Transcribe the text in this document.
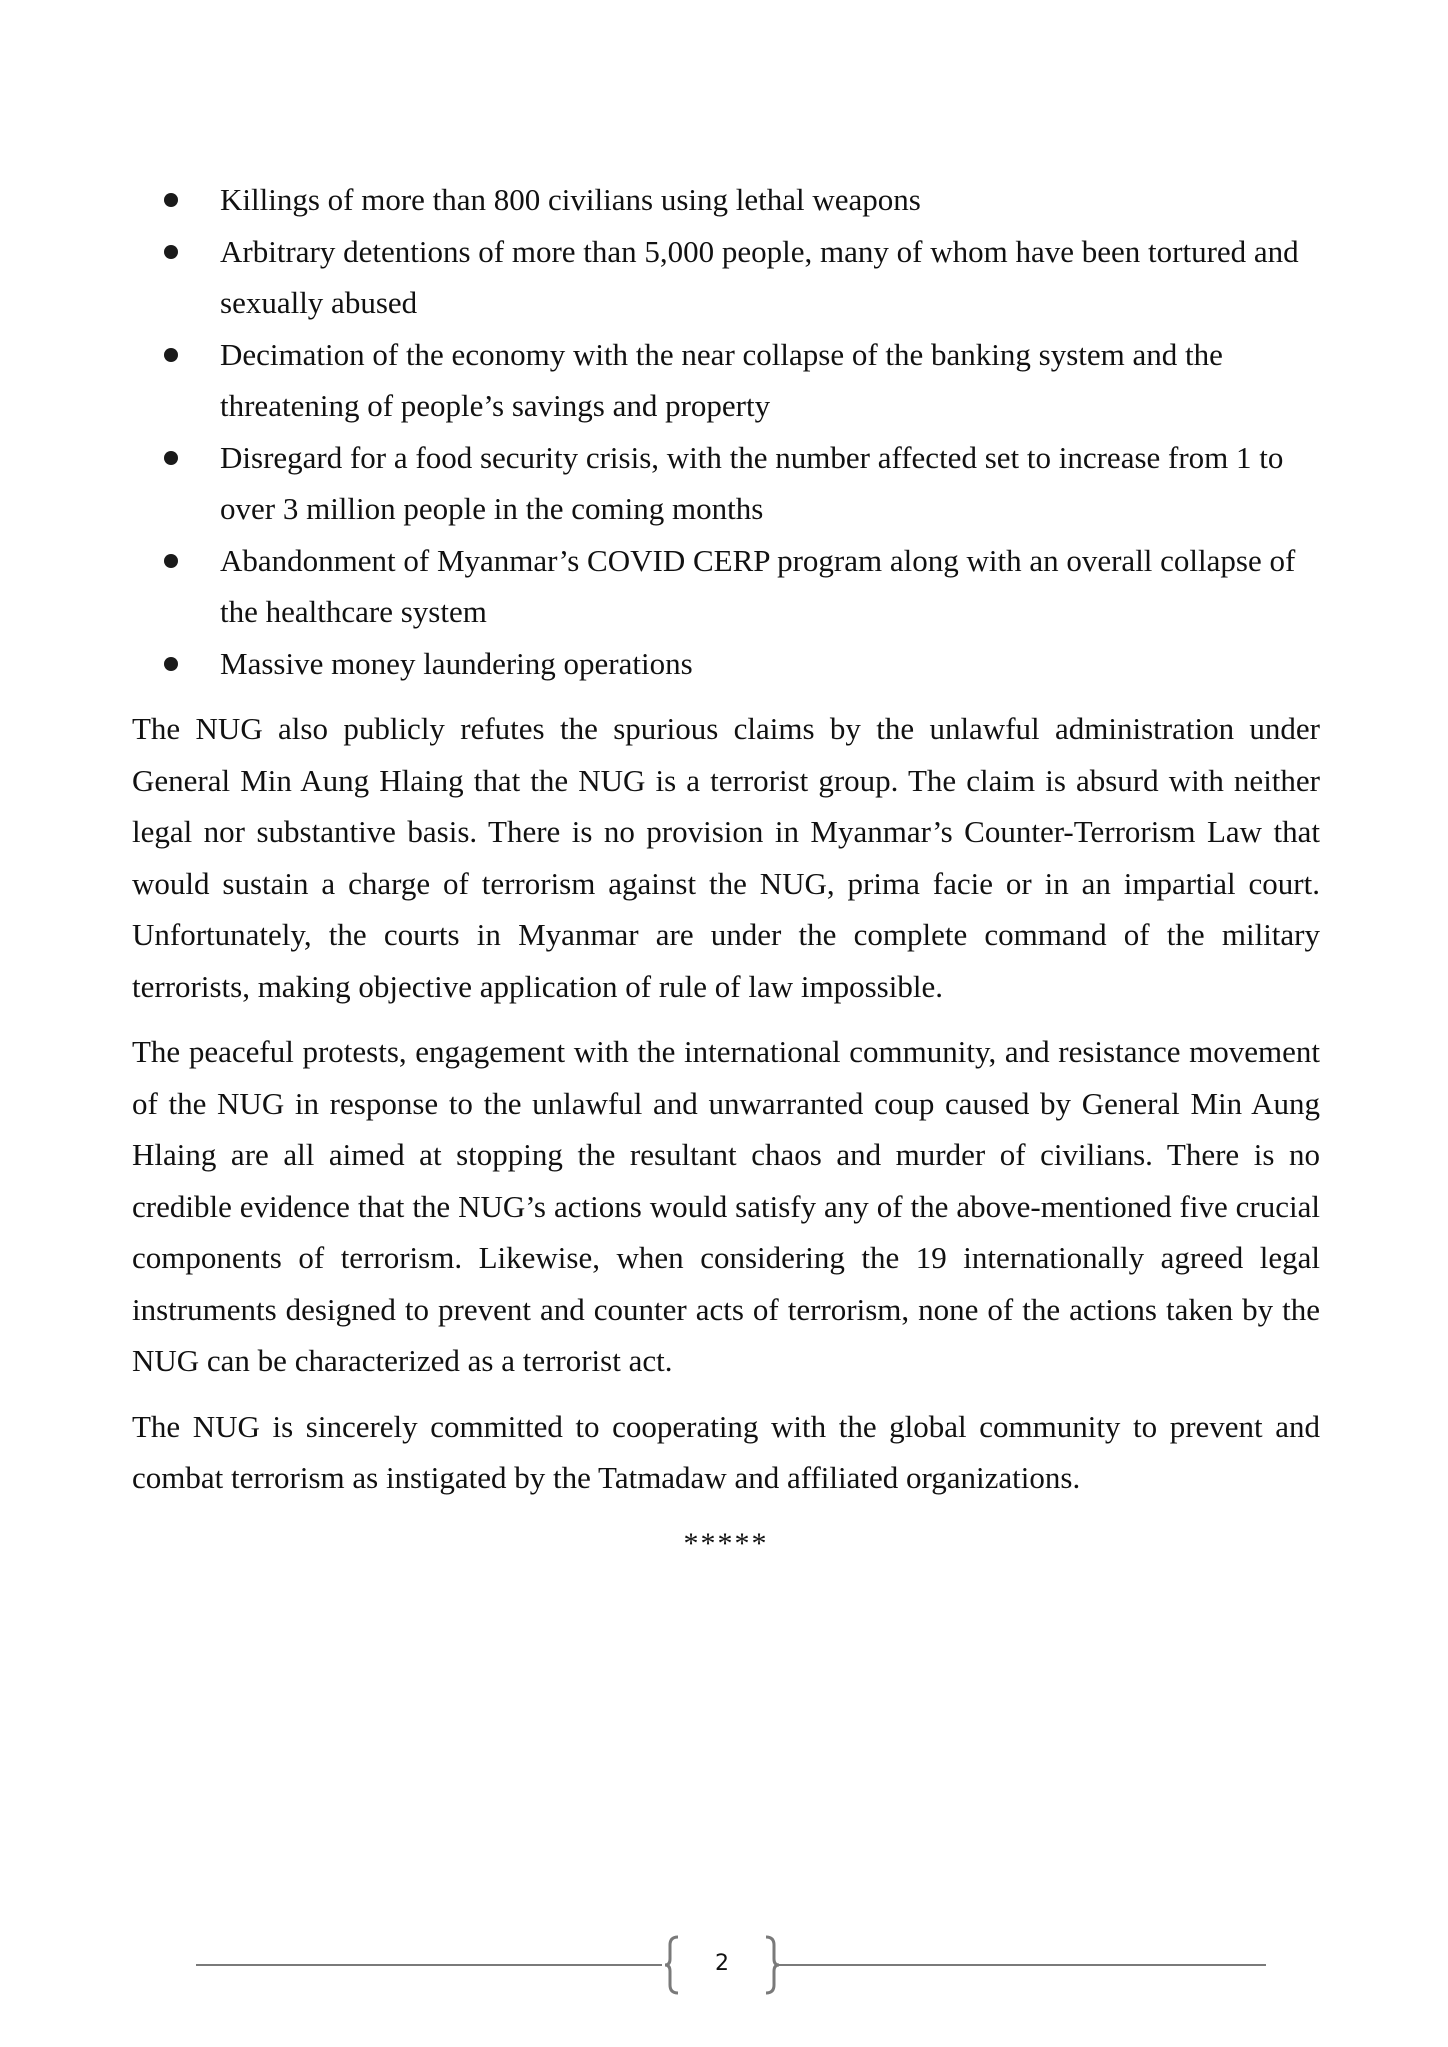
Killings of more than 800 civilians using lethal weapons
Arbitrary detentions of more than 5,000 people, many of whom have been tortured and sexually abused
Decimation of the economy with the near collapse of the banking system and the threatening of people’s savings and property
Disregard for a food security crisis, with the number affected set to increase from 1 to over 3 million people in the coming months
Abandonment of Myanmar’s COVID CERP program along with an overall collapse of the healthcare system
Massive money laundering operations

The NUG also publicly refutes the spurious claims by the unlawful administration under General Min Aung Hlaing that the NUG is a terrorist group. The claim is absurd with neither legal nor substantive basis. There is no provision in Myanmar’s Counter-Terrorism Law that would sustain a charge of terrorism against the NUG, prima facie or in an impartial court. Unfortunately, the courts in Myanmar are under the complete command of the military terrorists, making objective application of rule of law impossible.

The peaceful protests, engagement with the international community, and resistance movement of the NUG in response to the unlawful and unwarranted coup caused by General Min Aung Hlaing are all aimed at stopping the resultant chaos and murder of civilians. There is no credible evidence that the NUG’s actions would satisfy any of the above-mentioned five crucial components of terrorism. Likewise, when considering the 19 internationally agreed legal instruments designed to prevent and counter acts of terrorism, none of the actions taken by the NUG can be characterized as a terrorist act.

The NUG is sincerely committed to cooperating with the global community to prevent and combat terrorism as instigated by the Tatmadaw and affiliated organizations.

*****
2
